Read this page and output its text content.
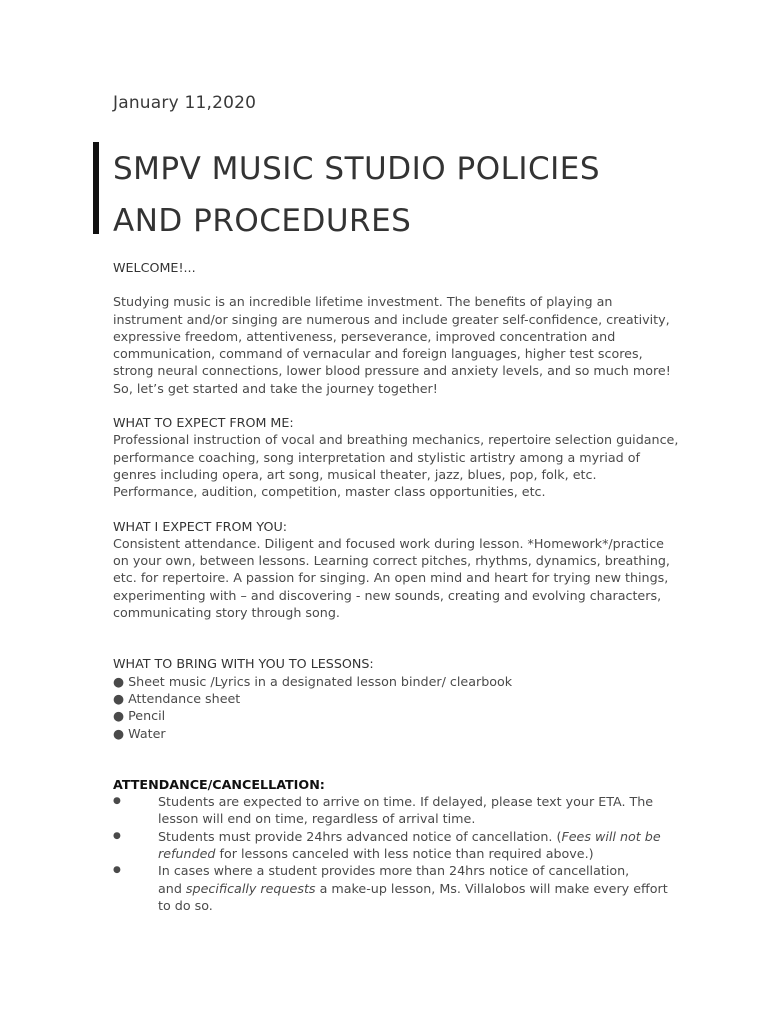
January 11,2020
SMPV MUSIC STUDIO POLICIES
AND PROCEDURES
WELCOME!...
Studying music is an incredible lifetime investment. The benefits of playing an
instrument and/or singing are numerous and include greater self-confidence, creativity,
expressive freedom, attentiveness, perseverance, improved concentration and
communication, command of vernacular and foreign languages, higher test scores,
strong neural connections, lower blood pressure and anxiety levels, and so much more!
So, let’s get started and take the journey together!
WHAT TO EXPECT FROM ME:
Professional instruction of vocal and breathing mechanics, repertoire selection guidance,
performance coaching, song interpretation and stylistic artistry among a myriad of
genres including opera, art song, musical theater, jazz, blues, pop, folk, etc.
Performance, audition, competition, master class opportunities, etc.
WHAT I EXPECT FROM YOU:
Consistent attendance. Diligent and focused work during lesson. *Homework*/practice
on your own, between lessons. Learning correct pitches, rhythms, dynamics, breathing,
etc. for repertoire. A passion for singing. An open mind and heart for trying new things,
experimenting with – and discovering - new sounds, creating and evolving characters,
communicating story through song.
WHAT TO BRING WITH YOU TO LESSONS:
● Sheet music /Lyrics in a designated lesson binder/ clearbook
● Attendance sheet
● Pencil
● Water
ATTENDANCE/CANCELLATION:
●	Students are expected to arrive on time. If delayed, please text your ETA. The
lesson will end on time, regardless of arrival time.
●	Students must provide 24hrs advanced notice of cancellation. (Fees will not be
refunded for lessons canceled with less notice than required above.)
●	In cases where a student provides more than 24hrs notice of cancellation,
and specifically requests a make-up lesson, Ms. Villalobos will make every effort
to do so.
